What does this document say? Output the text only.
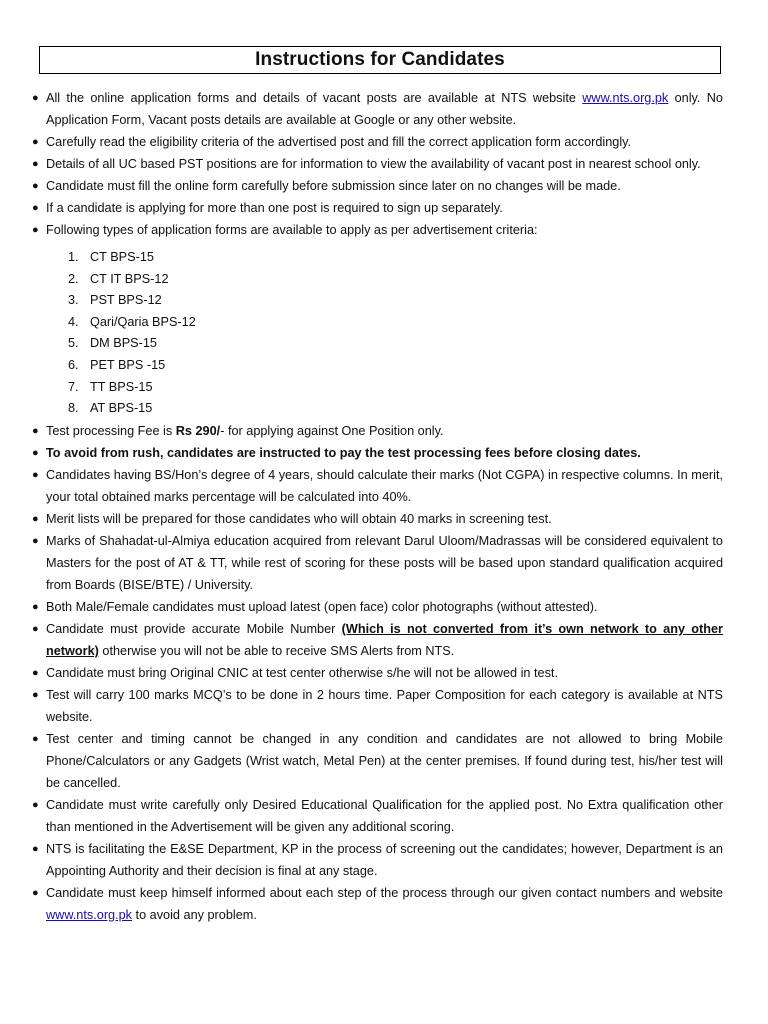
Instructions for Candidates
● All the online application forms and details of vacant posts are available at NTS website www.nts.org.pk only. No Application Form, Vacant posts details are available at Google or any other website.
● Carefully read the eligibility criteria of the advertised post and fill the correct application form accordingly.
● Details of all UC based PST positions are for information to view the availability of vacant post in nearest school only.
● Candidate must fill the online form carefully before submission since later on no changes will be made.
● If a candidate is applying for more than one post is required to sign up separately.
● Following types of application forms are available to apply as per advertisement criteria:
1. CT BPS-15
2. CT IT BPS-12
3. PST BPS-12
4. Qari/Qaria BPS-12
5. DM BPS-15
6. PET BPS -15
7. TT BPS-15
8. AT BPS-15
● Test processing Fee is Rs 290/- for applying against One Position only.
● To avoid from rush, candidates are instructed to pay the test processing fees before closing dates.
● Candidates having BS/Hon’s degree of 4 years, should calculate their marks (Not CGPA) in respective columns. In merit, your total obtained marks percentage will be calculated into 40%.
● Merit lists will be prepared for those candidates who will obtain 40 marks in screening test.
● Marks of Shahadat-ul-Almiya education acquired from relevant Darul Uloom/Madrassas will be considered equivalent to Masters for the post of AT & TT, while rest of scoring for these posts will be based upon standard qualification acquired from Boards (BISE/BTE) / University.
● Both Male/Female candidates must upload latest (open face) color photographs (without attested).
● Candidate must provide accurate Mobile Number (Which is not converted from it’s own network to any other network) otherwise you will not be able to receive SMS Alerts from NTS.
● Candidate must bring Original CNIC at test center otherwise s/he will not be allowed in test.
● Test will carry 100 marks MCQ’s to be done in 2 hours time. Paper Composition for each category is available at NTS website.
● Test center and timing cannot be changed in any condition and candidates are not allowed to bring Mobile Phone/Calculators or any Gadgets (Wrist watch, Metal Pen) at the center premises. If found during test, his/her test will be cancelled.
● Candidate must write carefully only Desired Educational Qualification for the applied post. No Extra qualification other than mentioned in the Advertisement will be given any additional scoring.
● NTS is facilitating the E&SE Department, KP in the process of screening out the candidates; however, Department is an Appointing Authority and their decision is final at any stage.
● Candidate must keep himself informed about each step of the process through our given contact numbers and website www.nts.org.pk to avoid any problem.
